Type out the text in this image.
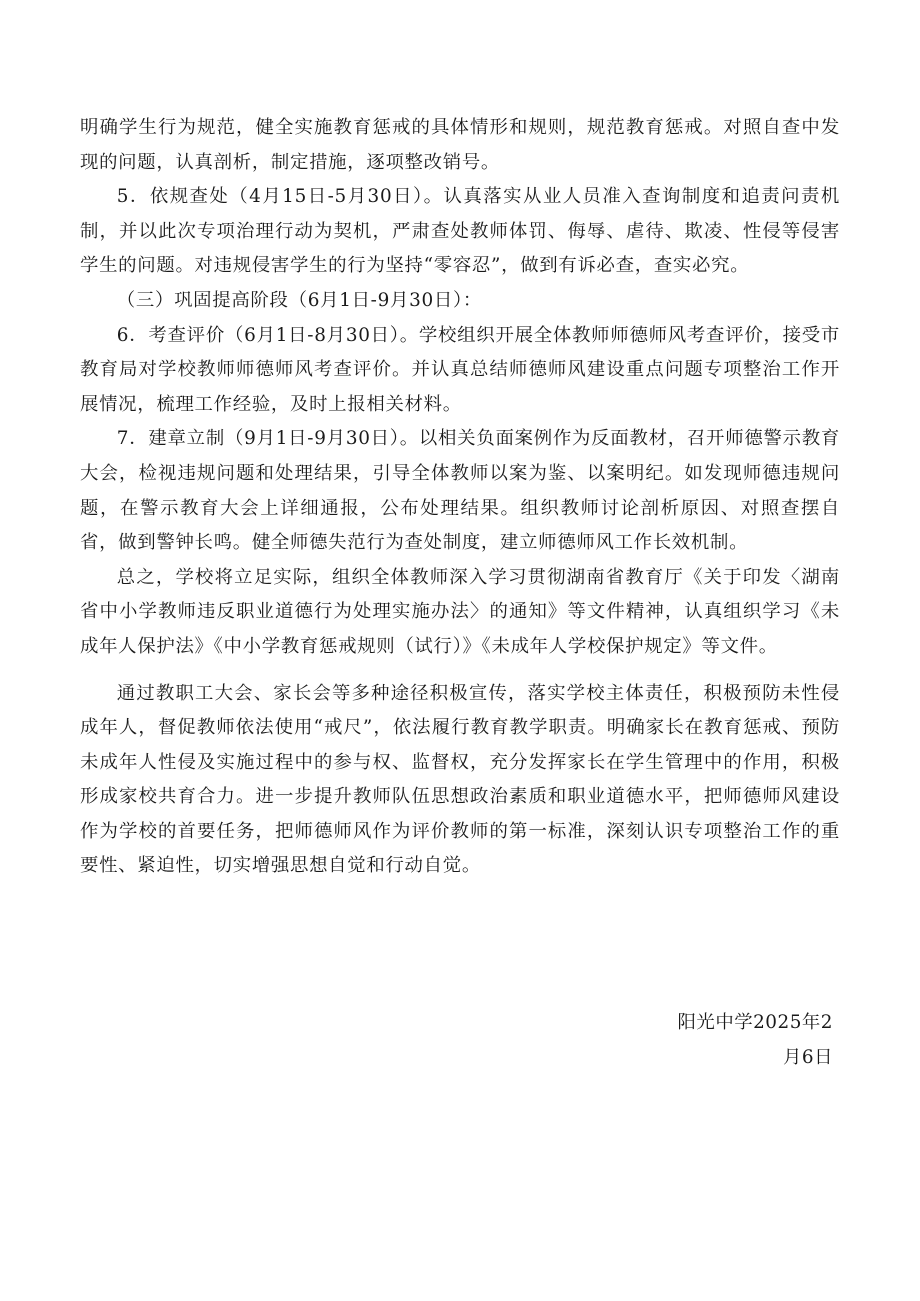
明确学生行为规范，健全实施教育惩戒的具体情形和规则，规范教育惩戒。对照自查中发现的问题，认真剖析，制定措施，逐项整改销号。

5．依规查处（4月15日-5月30日）。认真落实从业人员准入查询制度和追责问责机制，并以此次专项治理行动为契机，严肃查处教师体罚、侮辱、虐待、欺凌、性侵等侵害学生的问题。对违规侵害学生的行为坚持“零容忍”，做到有诉必查，查实必究。

（三）巩固提高阶段（6月1日-9月30日）：

6．考查评价（6月1日-8月30日）。学校组织开展全体教师师德师风考查评价，接受市教育局对学校教师师德师风考查评价。并认真总结师德师风建设重点问题专项整治工作开展情况，梳理工作经验，及时上报相关材料。

7．建章立制（9月1日-9月30日）。以相关负面案例作为反面教材，召开师德警示教育大会，检视违规问题和处理结果，引导全体教师以案为鉴、以案明纪。如发现师德违规问题，在警示教育大会上详细通报，公布处理结果。组织教师讨论剖析原因、对照查摆自省，做到警钟长鸣。健全师德失范行为查处制度，建立师德师风工作长效机制。

总之，学校将立足实际，组织全体教师深入学习贯彻湖南省教育厅《关于印发〈湖南省中小学教师违反职业道德行为处理实施办法〉的通知》等文件精神，认真组织学习《未成年人保护法》《中小学教育惩戒规则（试行）》《未成年人学校保护规定》等文件。

通过教职工大会、家长会等多种途径积极宣传，落实学校主体责任，积极预防未性侵成年人，督促教师依法使用“戒尺”，依法履行教育教学职责。明确家长在教育惩戒、预防未成年人性侵及实施过程中的参与权、监督权，充分发挥家长在学生管理中的作用，积极形成家校共育合力。进一步提升教师队伍思想政治素质和职业道德水平，把师德师风建设作为学校的首要任务，把师德师风作为评价教师的第一标准，深刻认识专项整治工作的重要性、紧迫性，切实增强思想自觉和行动自觉。

阳光中学2025年2月6日
